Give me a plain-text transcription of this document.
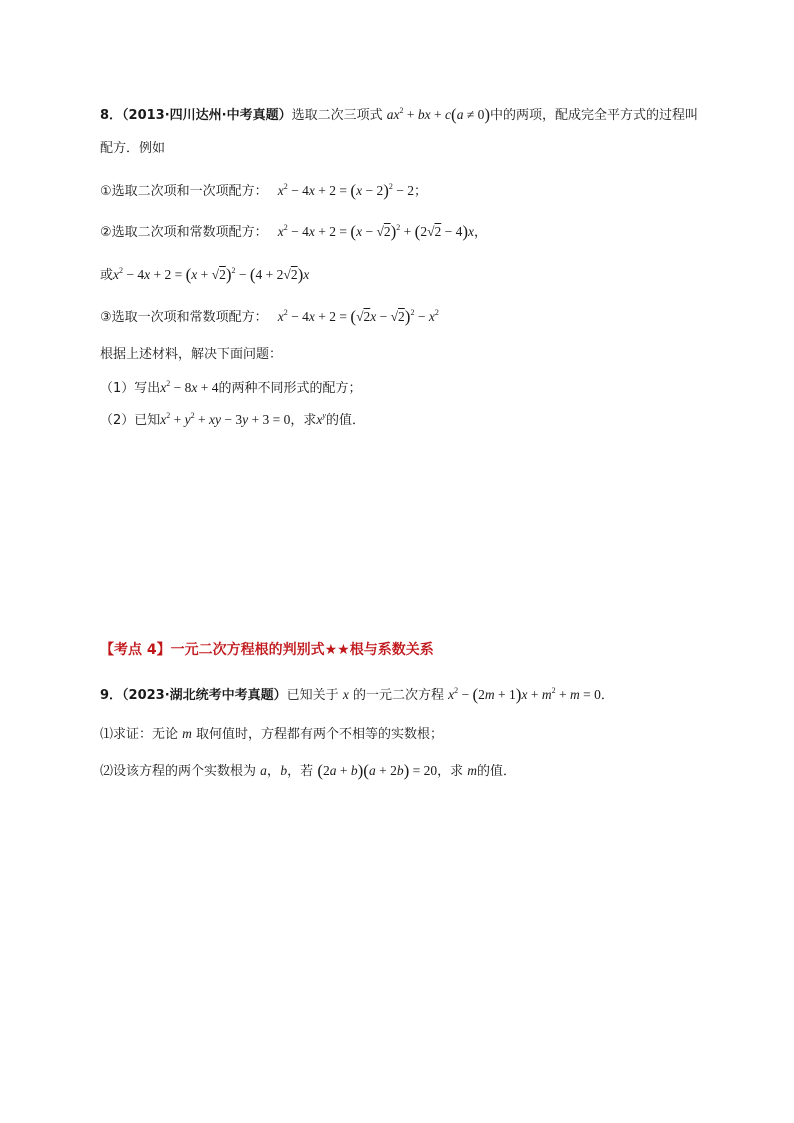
8．（2013·四川达州·中考真题）选取二次三项式 $ax^2$ + bx + c(a ≠ 0)中的两项，配成完全平方式的过程叫
配方．例如
①选取二次项和一次项配方： $x^2 - 4x + 2 = (x - 2)^2 - 2$；
②选取二次项和常数项配方： $x^2 - 4x + 2 = (x - √2)^2 + (2√2 - 4)x$，
或$x^2 - 4x + 2 = (x + √2)^2 - (4 + 2√2)x$
③选取一次项和常数项配方： $x^2 - 4x + 2 = (√2x - √2)^2 - x^2$
根据上述材料，解决下面问题：
（1）写出$x^2 - 8x + 4$的两种不同形式的配方；
（2）已知$x^2 + y^2$ + xy − 3y + 3 = 0，求$x^y$的值．
【考点 4】一元二次方程根的判别式★★根与系数关系
9．（2023·湖北统考中考真题）已知关于 x 的一元二次方程 $x^2 - (2m + 1)x + m^2 + m = 0$．
⑴求证：无论 m 取何值时，方程都有两个不相等的实数根；
⑵设该方程的两个实数根为 a，b，若 (2a + b)(a + 2b) = 20，求 m的值．
